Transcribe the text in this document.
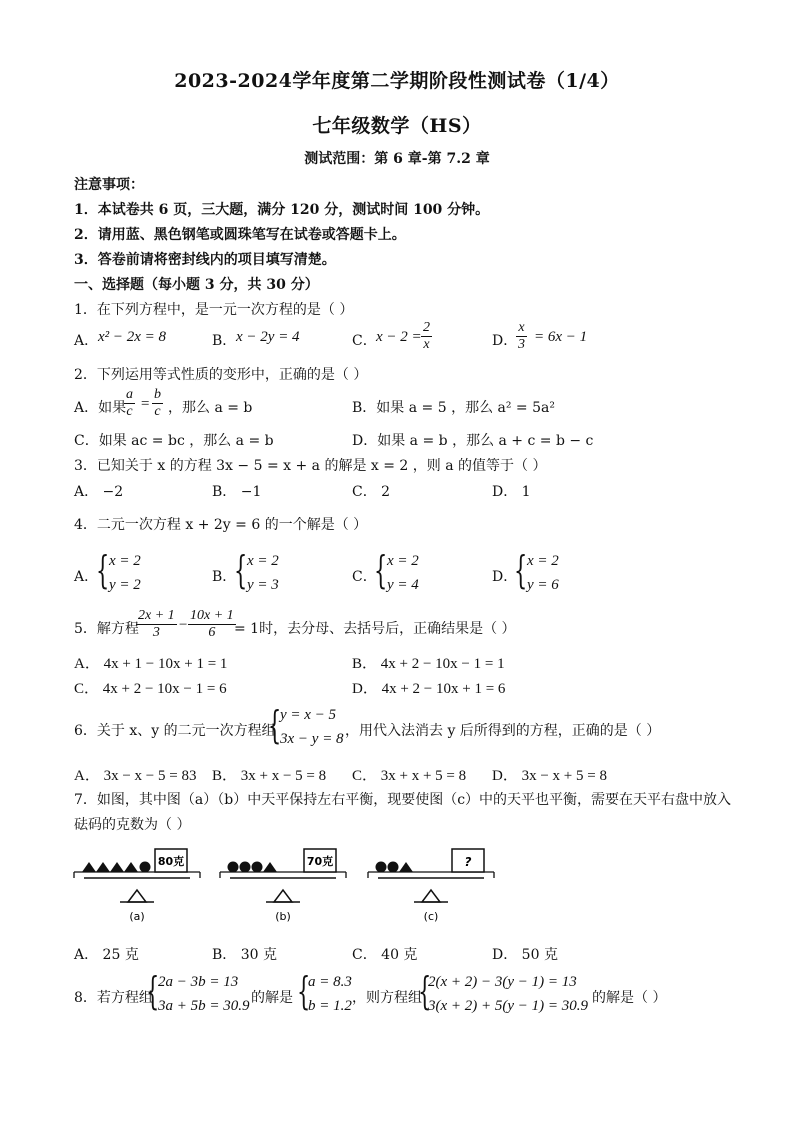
2023-2024学年度第二学期阶段性测试卷（1/4）
七年级数学（HS）
测试范围：第 6 章-第 7.2 章
注意事项：
1．本试卷共 6 页，三大题，满分 120 分，测试时间 100 分钟。
2．请用蓝、黑色钢笔或圆珠笔写在试卷或答题卡上。
3．答卷前请将密封线内的项目填写清楚。
一、选择题（每小题 3 分，共 30 分）
1．在下列方程中，是一元一次方程的是（ ）
A． x² − 2x = 8	B． x − 2y = 4	C． $x - 2 = \frac{2}{x}$	D．
$\frac{x}{3} = 6x - 1$
2．下列运用等式性质的变形中，正确的是（ ）
A．如果
$\frac{a}{c} = \frac{b}{c}$ ，那么 a = b	B．如果 a = 5 ，那么 a² = 5a²
C．如果 ac = bc ，那么 a = b	D．如果 a = b ，那么 a + c = b − c
3．已知关于 x 的方程 3x − 5 = x + a 的解是 x = 2 ，则 a 的值等于（ ）
A． −2	B． −1	C． 2	D． 1
4．二元一次方程 x + 2y = 6 的一个解是（ ）
A．
{ x = 2
y = 2	B．
{ x = 2
y = 3	C．
{ x = 2
y = 4	D．
{ x = 2
y = 6
5．解方程
$\frac{2x + 1}{3} - \frac{10x + 1}{6}$
= 1时，去分母、去括号后，正确结果是（ ）
A． 4x + 1 − 10x + 1 = 1	B． 4x + 2 − 10x − 1 = 1
C． 4x + 2 − 10x − 1 = 6	D． 4x + 2 − 10x + 1 = 6
6．关于 x、y 的二元一次方程组
{
y = x − 5
3x − y = 8 ，用代入法消去 y 后所得到的方程，正确的是（ ）
A． 3x − x − 5 = 83 B． 3x + x − 5 = 8 C． 3x + x + 5 = 8 D． 3x − x + 5 = 8
7．如图，其中图（a）（b）中天平保持左右平衡，现要使图（c）中的天平也平衡，需要在天平右盘中放入
砝码的克数为（ ）
80克
(a)
70克
(b)
?
(c)
A． 25 克	B． 30 克	C． 40 克	D． 50 克
8．若方程组
{
2a − 3b = 13
3a + 5b = 30.9 的解是 {
a = 8.3
b = 1.2 ，则方程组
{
2(x + 2) − 3(y − 1) = 13
3(x + 2) + 5(y − 1) = 30.9 的解是（ ）
